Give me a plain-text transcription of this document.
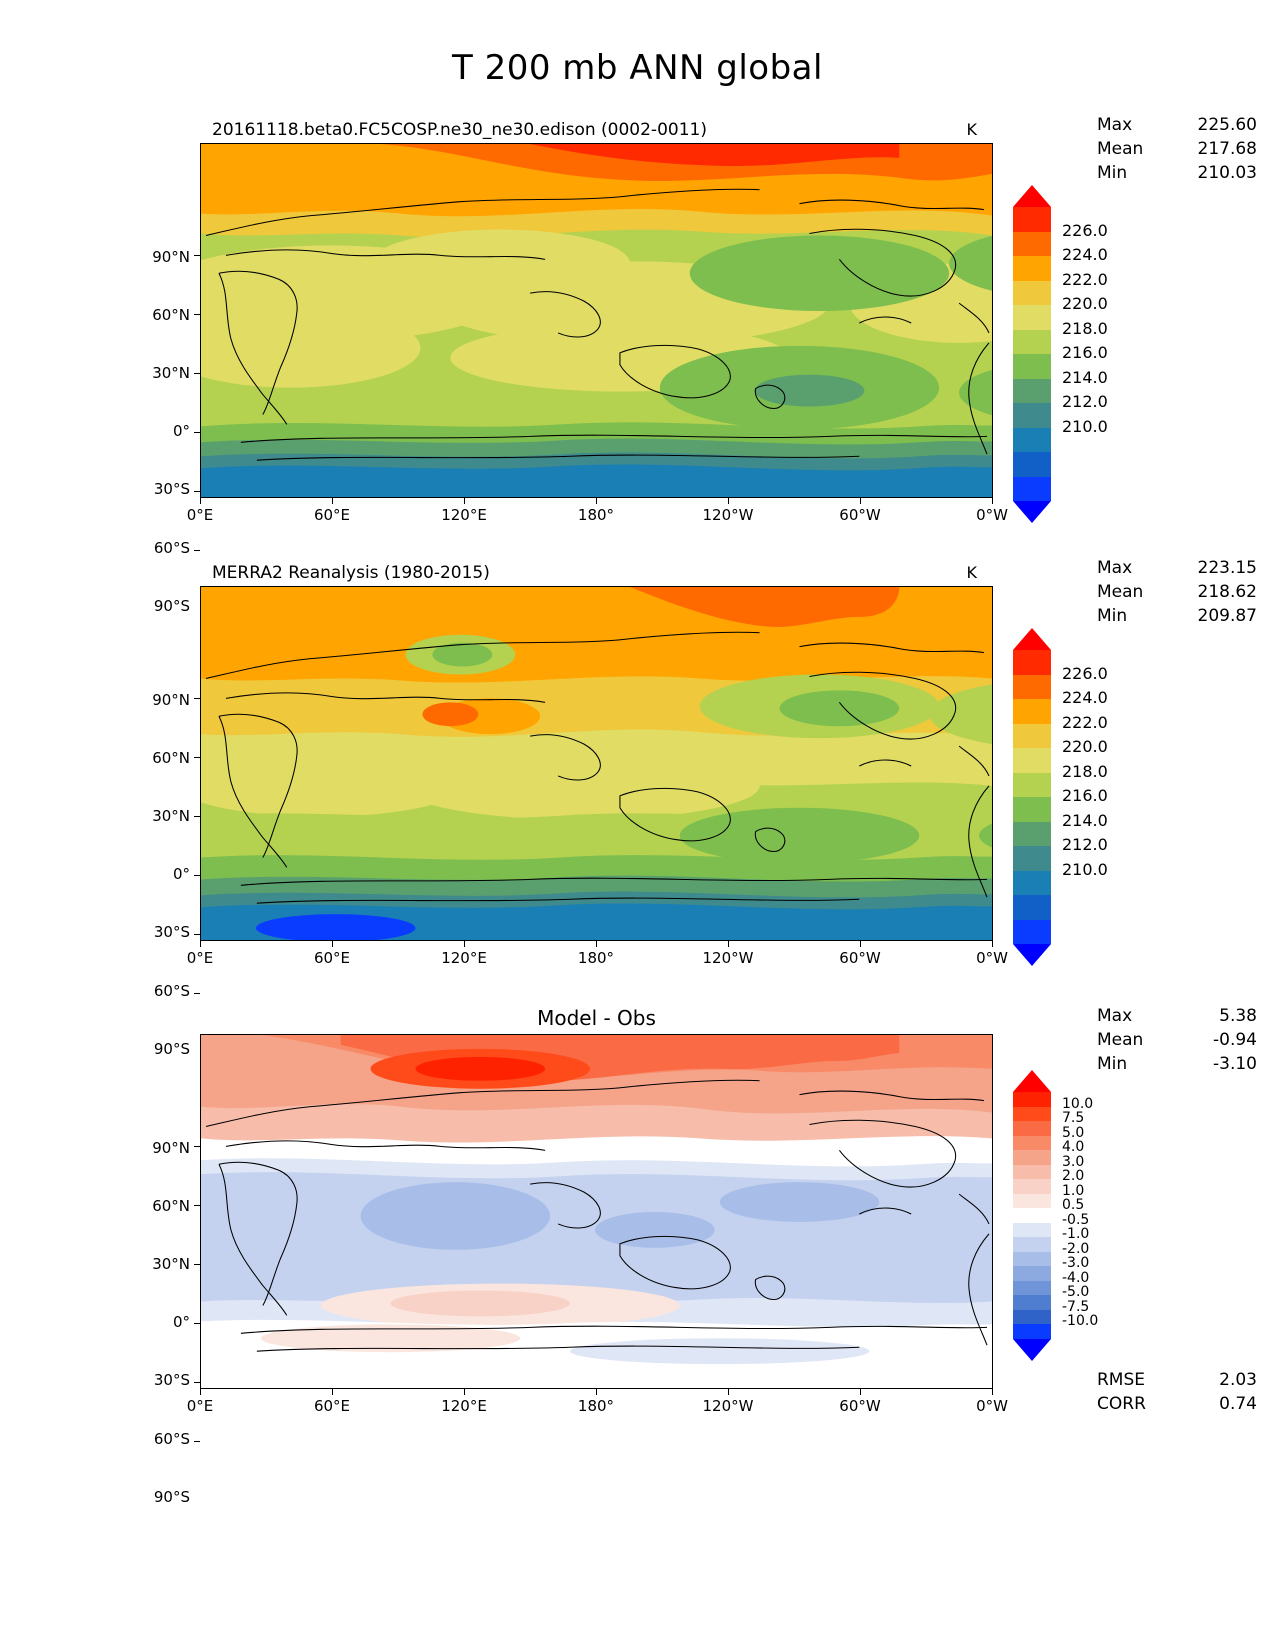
T 200 mb ANN global
20161118.beta0.FC5COSP.ne30_ne30.edison (0002-0011)	K	Max	225.60
Mean	217.68
Min	210.03
90°N
60°N
30°N
0°
30°S
60°S
90°S
0°E	60°E	120°E	180°	120°W	60°W	0°W
226.0
224.0
222.0
220.0
218.0
216.0
214.0
212.0
210.0
MERRA2 Reanalysis (1980-2015)	K	Max	223.15
Mean	218.62
Min	209.87
90°N
60°N
30°N
0°
30°S
60°S
90°S
0°E	60°E	120°E	180°	120°W	60°W	0°W
226.0
224.0
222.0
220.0
218.0
216.0
214.0
212.0
210.0
Model - Obs	Max	5.38
Mean	-0.94
Min	-3.10
90°N
60°N
30°N
0°
30°S
60°S
90°S
0°E	60°E	120°E	180°	120°W	60°W	0°W
10.0
7.5
5.0
4.0
3.0
2.0
1.0
0.5
-0.5
-1.0
-2.0
-3.0
-4.0
-5.0
-7.5
-10.0
RMSE	2.03
CORR	0.74
